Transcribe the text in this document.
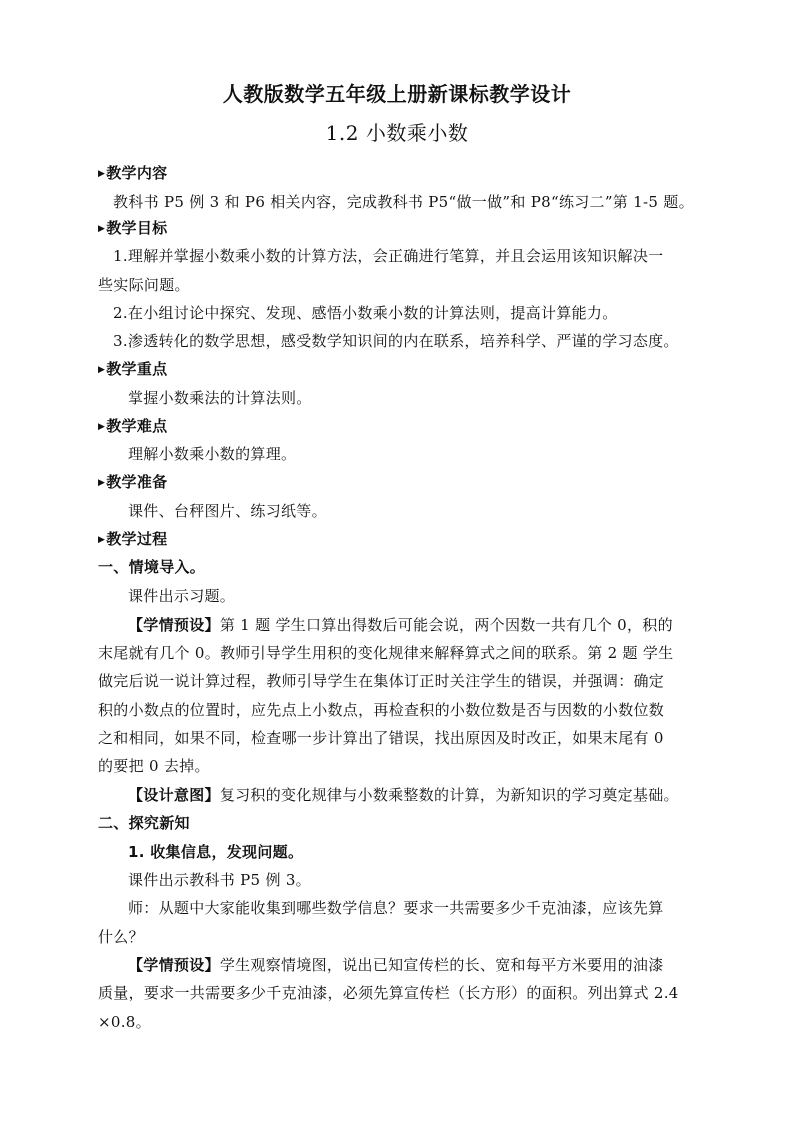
人教版数学五年级上册新课标教学设计
1.2 小数乘小数
▶教学内容
教科书 P5 例 3 和 P6 相关内容，完成教科书 P5“做一做”和 P8“练习二”第 1-5 题。
▶教学目标
1.理解并掌握小数乘小数的计算方法，会正确进行笔算，并且会运用该知识解决一
些实际问题。
2.在小组讨论中探究、发现、感悟小数乘小数的计算法则，提高计算能力。
3.渗透转化的数学思想，感受数学知识间的内在联系，培养科学、严谨的学习态度。
▶教学重点
掌握小数乘法的计算法则。
▶教学难点
理解小数乘小数的算理。
▶教学准备
课件、台秤图片、练习纸等。
▶教学过程
一、情境导入。
课件出示习题。
【学情预设】第 1 题 学生口算出得数后可能会说，两个因数一共有几个 0，积的
末尾就有几个 0。教师引导学生用积的变化规律来解释算式之间的联系。第 2 题 学生
做完后说一说计算过程，教师引导学生在集体订正时关注学生的错误，并强调：确定
积的小数点的位置时，应先点上小数点，再检查积的小数位数是否与因数的小数位数
之和相同，如果不同，检查哪一步计算出了错误，找出原因及时改正，如果末尾有 0
的要把 0 去掉。
【设计意图】复习积的变化规律与小数乘整数的计算，为新知识的学习奠定基础。
二、探究新知
1. 收集信息，发现问题。
课件出示教科书 P5 例 3。
师：从题中大家能收集到哪些数学信息？要求一共需要多少千克油漆，应该先算
什么？
【学情预设】学生观察情境图，说出已知宣传栏的长、宽和每平方米要用的油漆
质量，要求一共需要多少千克油漆，必须先算宣传栏（长方形）的面积。列出算式 2.4
×0.8。
